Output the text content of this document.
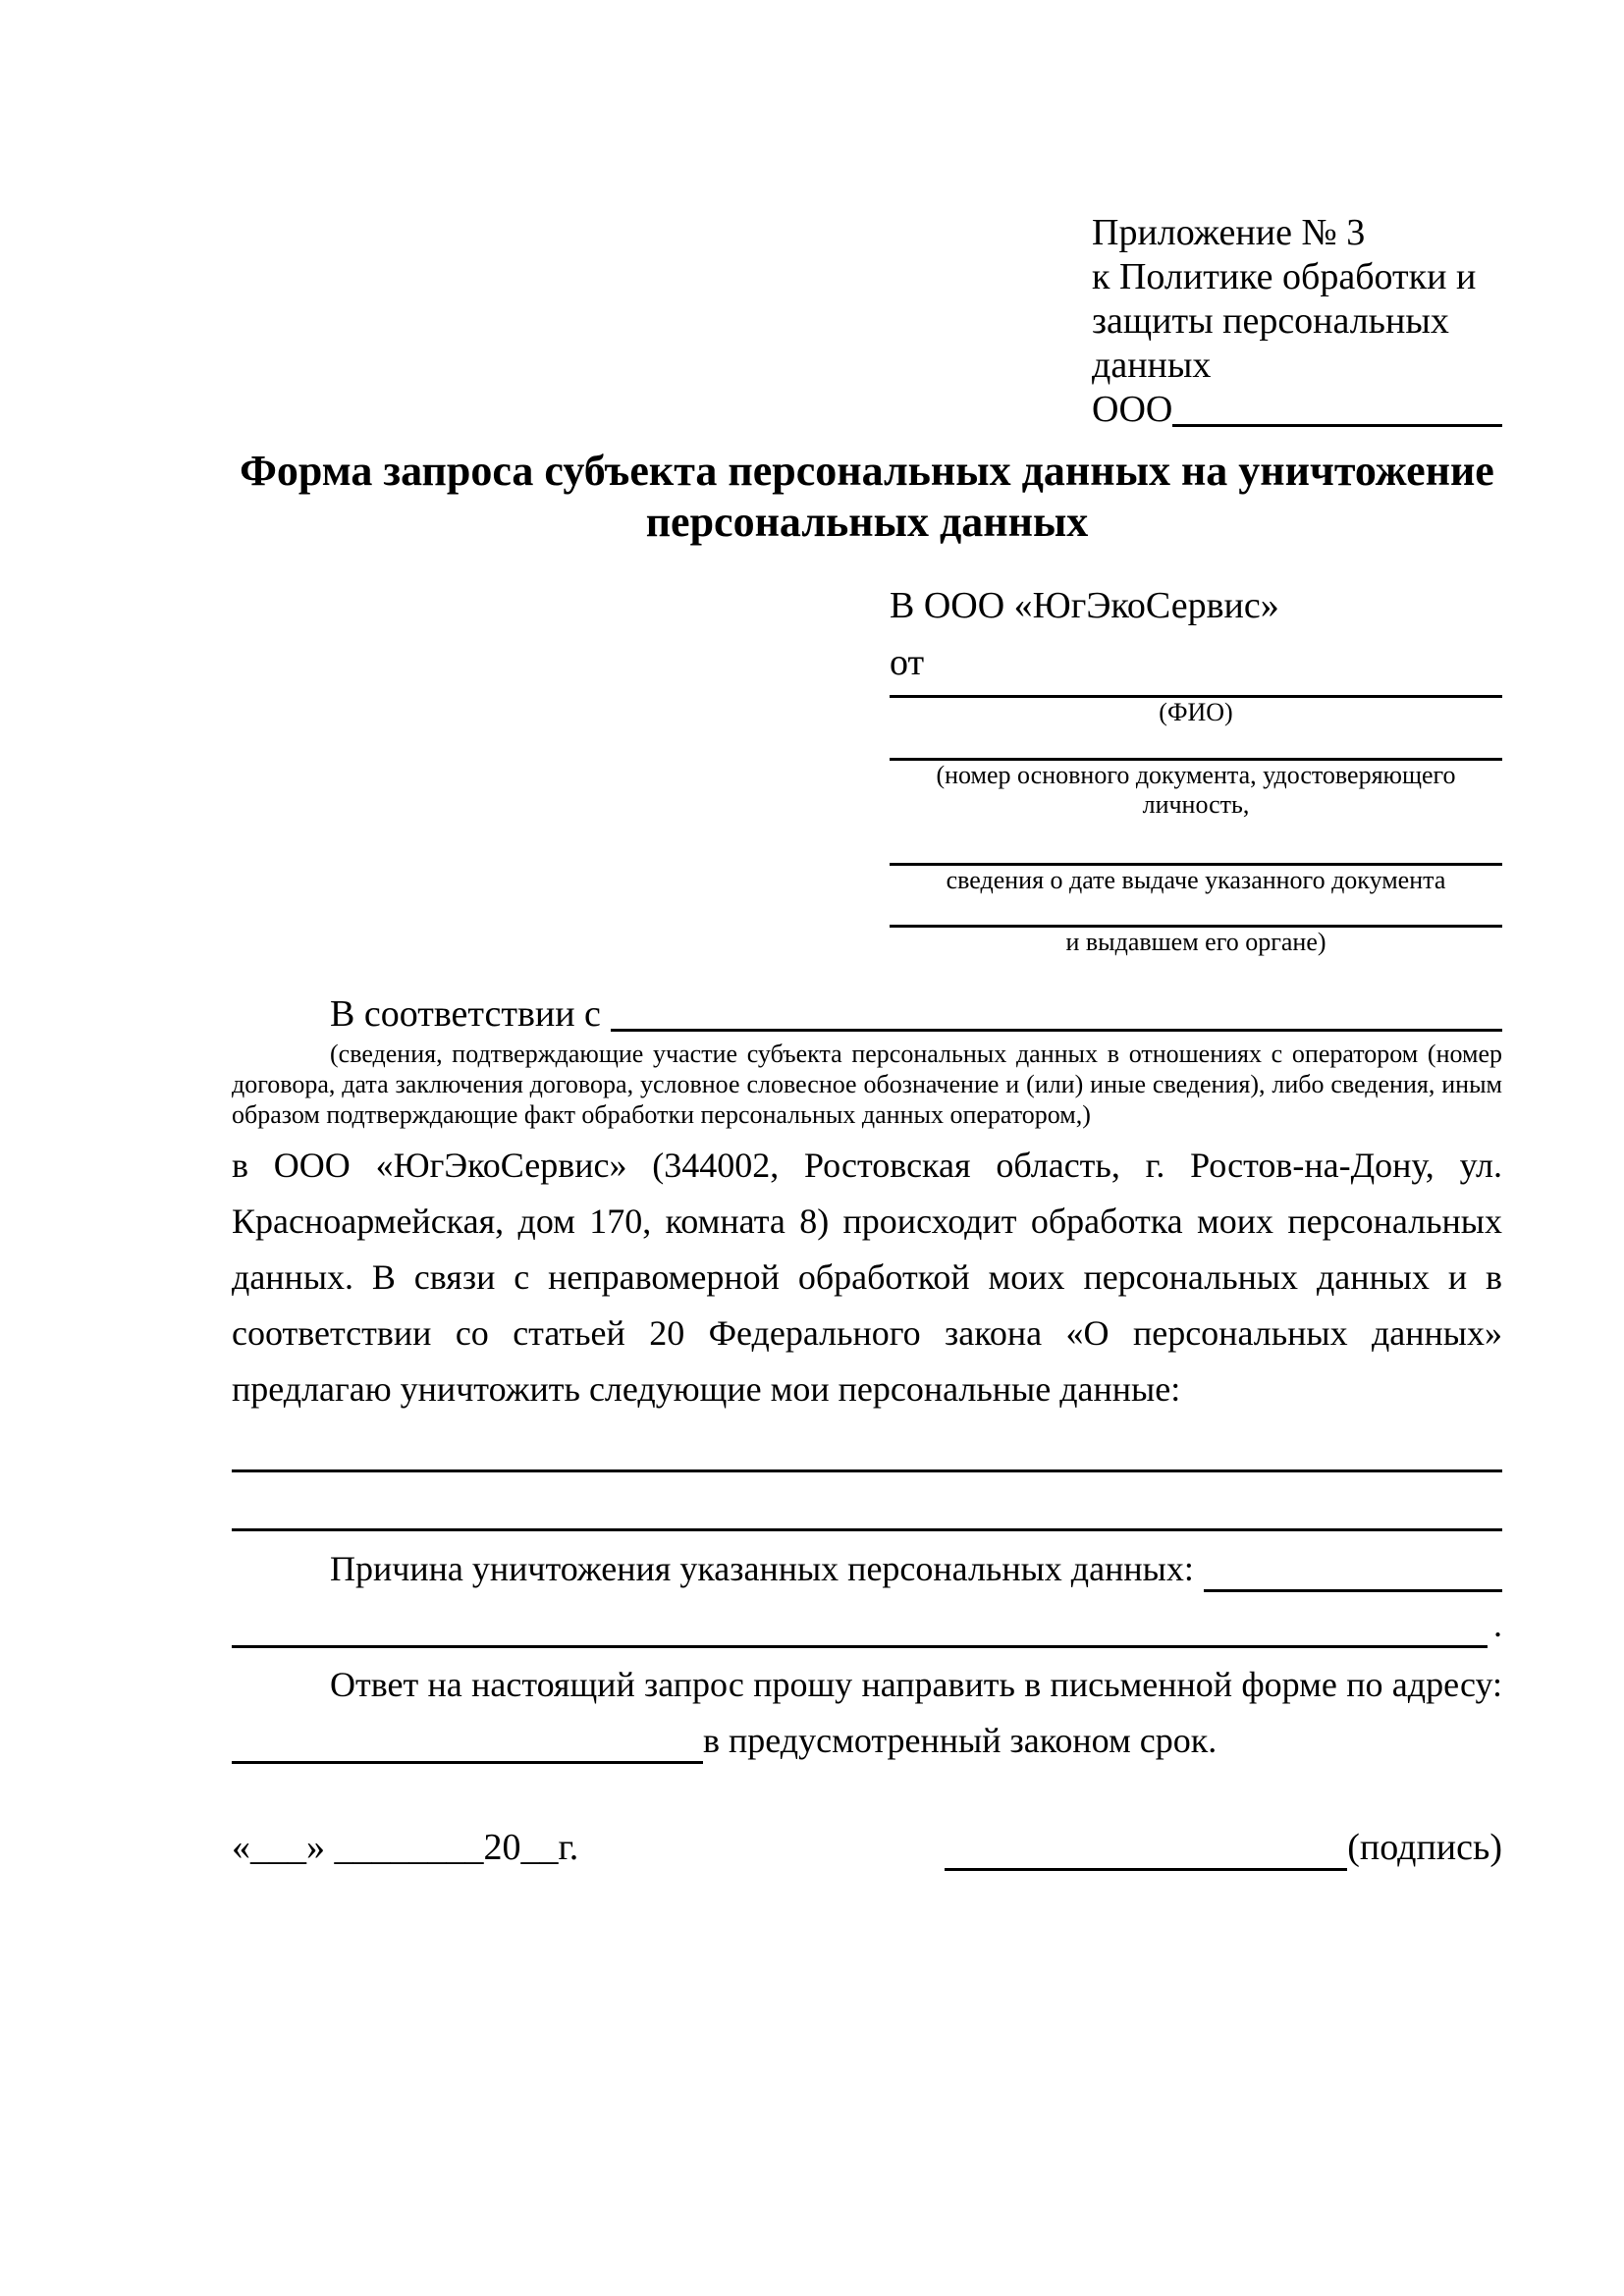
Приложение № 3
к Политике обработки и
защиты персональных данных
ООО
Форма запроса субъекта персональных данных на уничтожение
персональных данных
В ООО «ЮгЭкоСервис»
от
(ФИО)
(номер основного документа, удостоверяющего личность,
сведения о дате выдаче указанного документа
и выдавшем его органе)
В соответствии с
(сведения, подтверждающие участие субъекта персональных данных в отношениях с оператором (номер договора, дата заключения договора, условное словесное обозначение и (или) иные сведения), либо сведения, иным образом подтверждающие факт обработки персональных данных оператором,)
в ООО «ЮгЭкоСервис» (344002, Ростовская область, г. Ростов-на-Дону, ул. Красноармейская, дом 170, комната 8) происходит обработка моих персональных данных. В связи с неправомерной обработкой моих персональных данных и в соответствии со статьей 20 Федерального закона «О персональных данных» предлагаю уничтожить следующие мои персональные данные:
Причина уничтожения указанных персональных данных:
.
Ответ на настоящий запрос прошу направить в письменной форме по адресу:
в предусмотренный законом срок.
«___» ________20__г.	(подпись)
